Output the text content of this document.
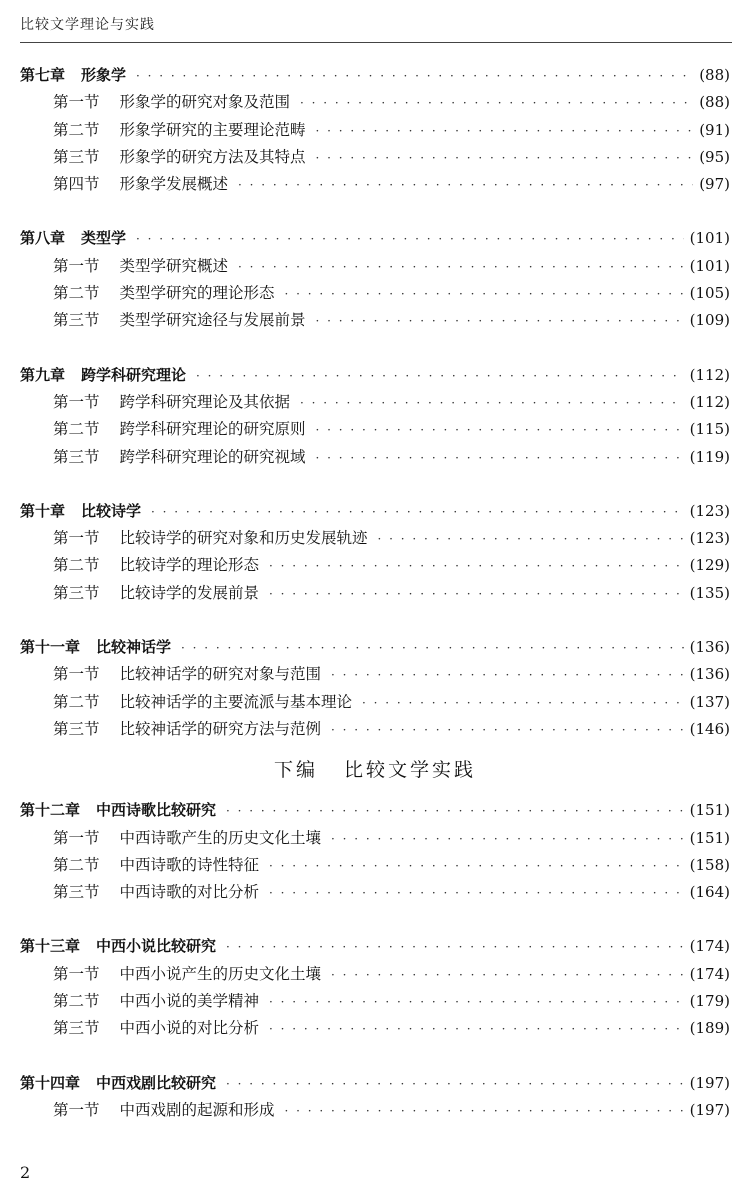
比较文学理论与实践
第七章 形象学 · · ·	(88)
第一节 形象学的研究对象及范围 · · ·	(88)
第二节 形象学研究的主要理论范畴 · · ·	(91)
第三节 形象学的研究方法及其特点 · · ·	(95)
第四节 形象学发展概述 · · ·	(97)
第八章 类型学 · · ·	(101)
第一节 类型学研究概述 · · ·	(101)
第二节 类型学研究的理论形态 · · ·	(105)
第三节 类型学研究途径与发展前景 · · ·	(109)
第九章 跨学科研究理论 · · ·	(112)
第一节 跨学科研究理论及其依据 · · ·	(112)
第二节 跨学科研究理论的研究原则 · · ·	(115)
第三节 跨学科研究理论的研究视域 · · ·	(119)
第十章 比较诗学 · · ·	(123)
第一节 比较诗学的研究对象和历史发展轨迹 · · ·	(123)
第二节 比较诗学的理论形态 · · ·	(129)
第三节 比较诗学的发展前景 · · ·	(135)
第十一章 比较神话学 · · ·	(136)
第一节 比较神话学的研究对象与范围 · · ·	(136)
第二节 比较神话学的主要流派与基本理论 · · ·	(137)
第三节 比较神话学的研究方法与范例 · · ·	(146)
下编 比较文学实践
第十二章 中西诗歌比较研究 · · ·	(151)
第一节 中西诗歌产生的历史文化土壤 · · ·	(151)
第二节 中西诗歌的诗性特征 · · ·	(158)
第三节 中西诗歌的对比分析 · · ·	(164)
第十三章 中西小说比较研究 · · ·	(174)
第一节 中西小说产生的历史文化土壤 · · ·	(174)
第二节 中西小说的美学精神 · · ·	(179)
第三节 中西小说的对比分析 · · ·	(189)
第十四章 中西戏剧比较研究 · · ·	(197)
第一节 中西戏剧的起源和形成 · · ·	(197)
2
